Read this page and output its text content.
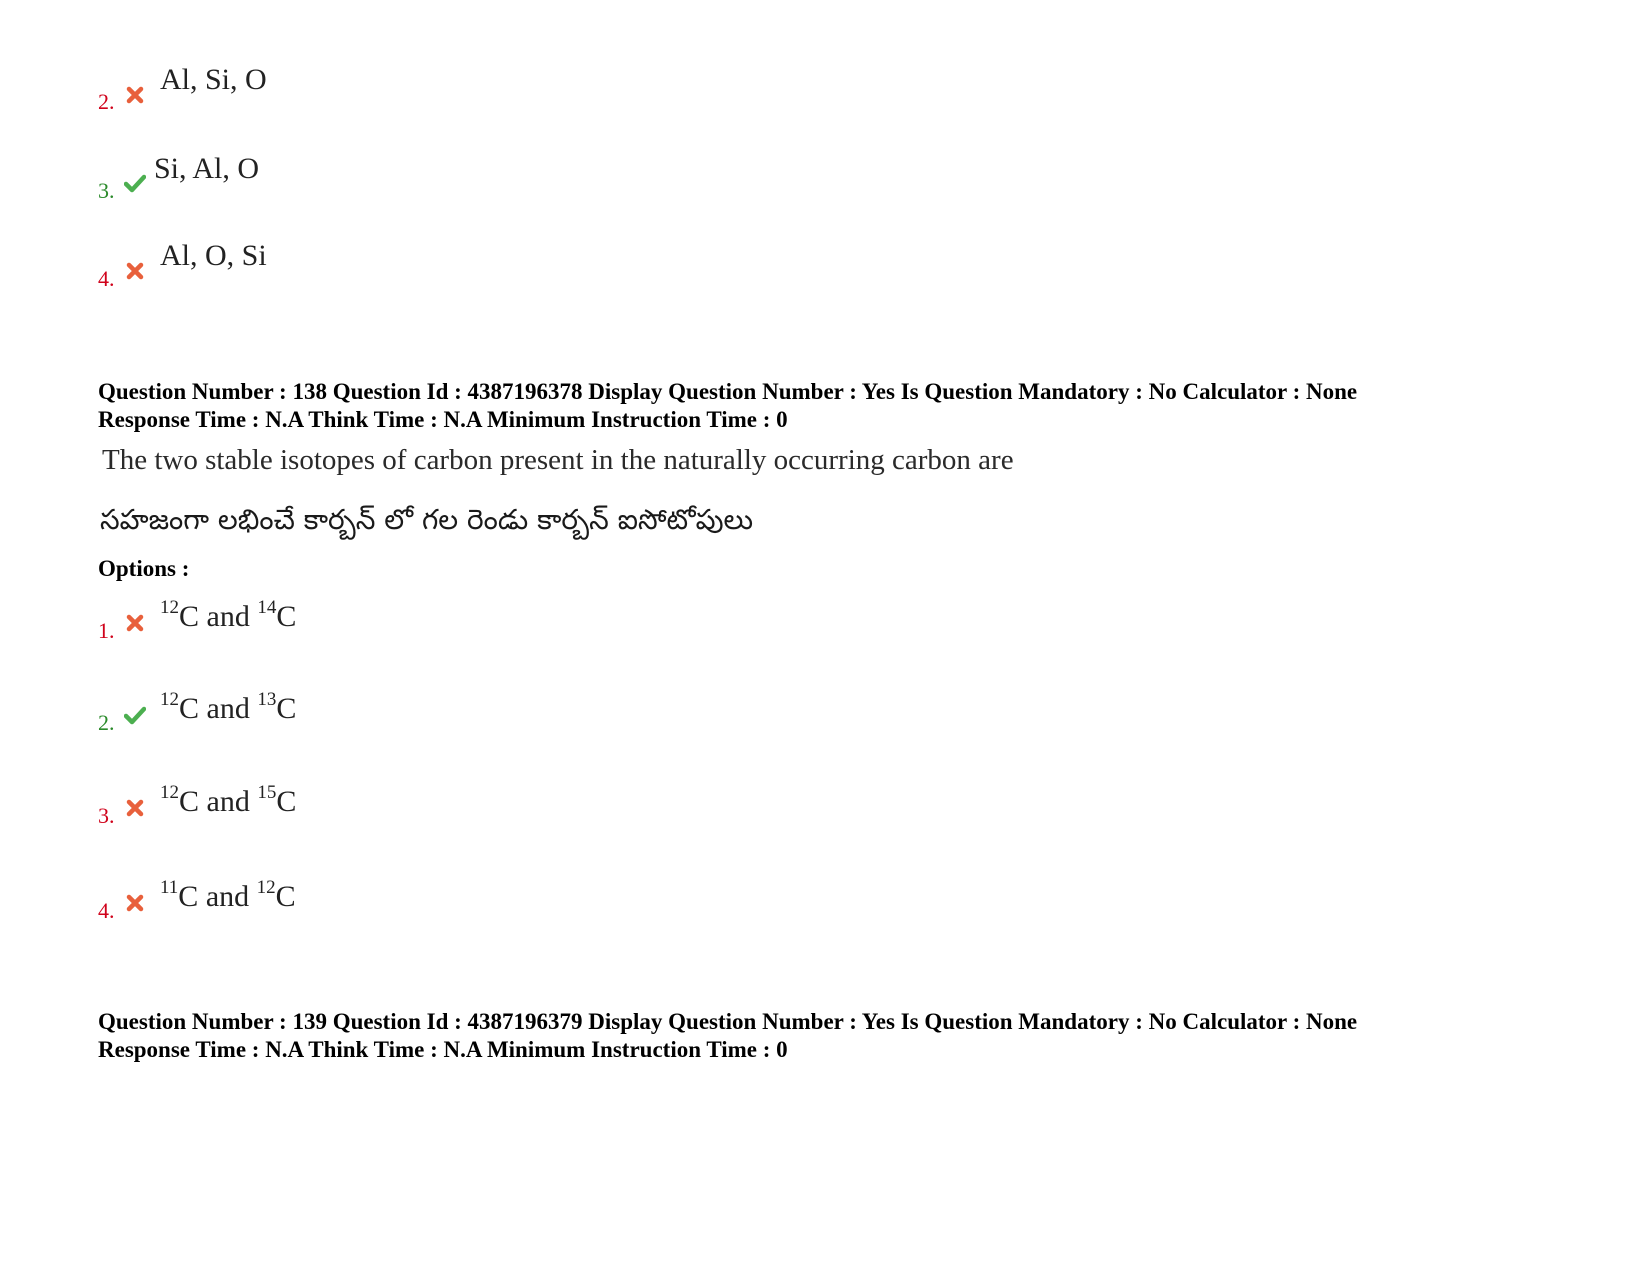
2.
Al, Si, O
3.
Si, Al, O
4.
Al, O, Si
Question Number : 138 Question Id : 4387196378 Display Question Number : Yes Is Question Mandatory : No Calculator : None
Response Time : N.A Think Time : N.A Minimum Instruction Time : 0
The two stable isotopes of carbon present in the naturally occurring carbon are
సహజంగా లభించే కార్బన్ లో గల రెండు కార్బన్ ఐసోటోపులు
Options :
1.
$^{12}$C and $^{14}$C
2.
$^{12}$C and $^{13}$C
3.
$^{12}$C and $^{15}$C
4.
$^{11}$C and $^{12}$C
Question Number : 139 Question Id : 4387196379 Display Question Number : Yes Is Question Mandatory : No Calculator : None
Response Time : N.A Think Time : N.A Minimum Instruction Time : 0
